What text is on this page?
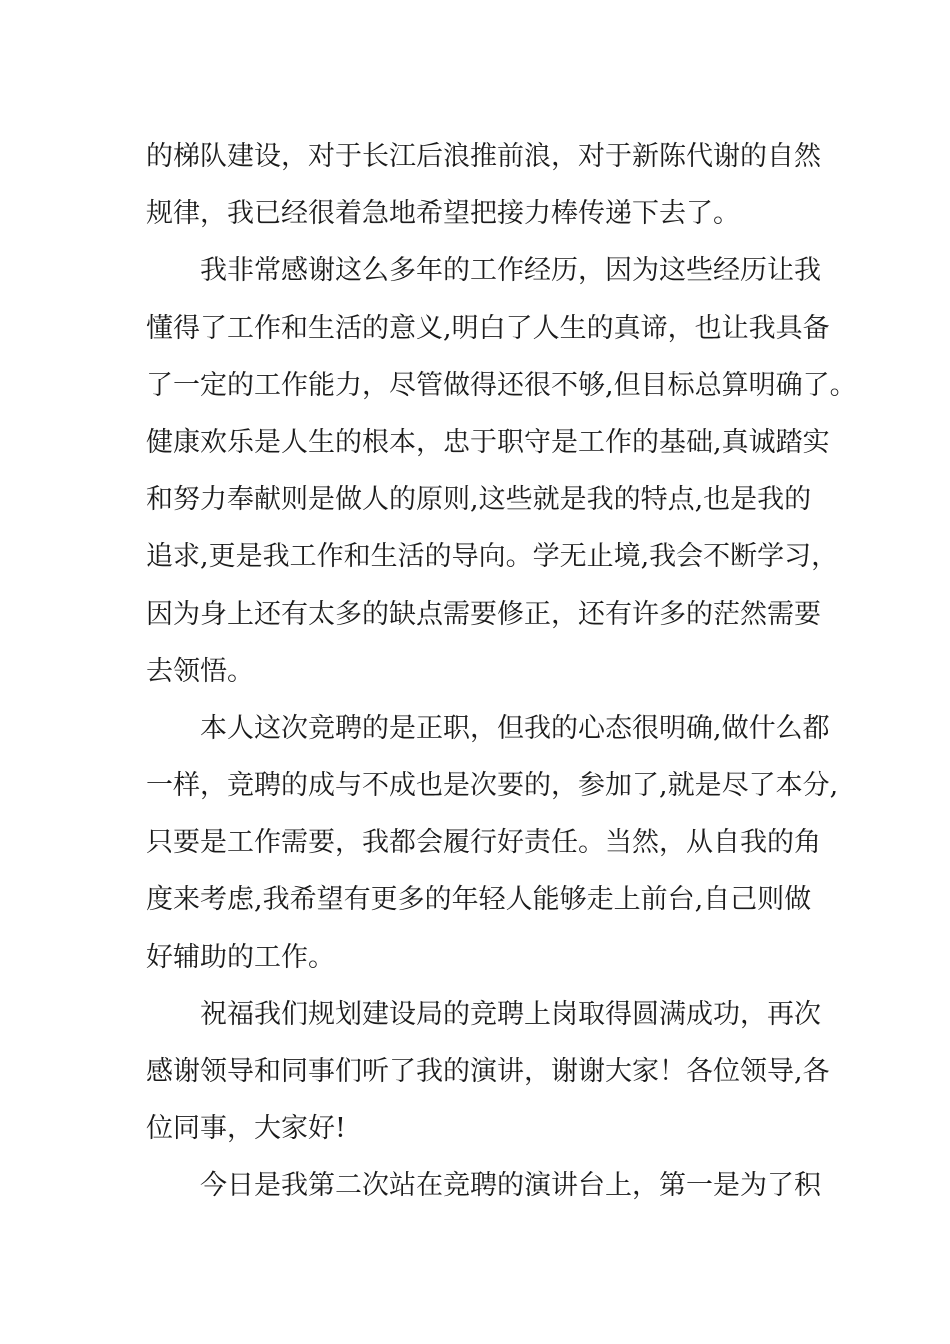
的梯队建设，对于长江后浪推前浪，对于新陈代谢的自然
规律，我已经很着急地希望把接力棒传递下去了。
我非常感谢这么多年的工作经历，因为这些经历让我
懂得了工作和生活的意义,明白了人生的真谛，也让我具备
了一定的工作能力，尽管做得还很不够,但目标总算明确了。
健康欢乐是人生的根本，忠于职守是工作的基础,真诚踏实
和努力奉献则是做人的原则,这些就是我的特点,也是我的
追求,更是我工作和生活的导向。学无止境,我会不断学习，
因为身上还有太多的缺点需要修正，还有许多的茫然需要
去领悟。
本人这次竞聘的是正职，但我的心态很明确,做什么都
一样，竞聘的成与不成也是次要的，参加了,就是尽了本分,
只要是工作需要，我都会履行好责任。当然，从自我的角
度来考虑,我希望有更多的年轻人能够走上前台,自己则做
好辅助的工作。
祝福我们规划建设局的竞聘上岗取得圆满成功，再次
感谢领导和同事们听了我的演讲，谢谢大家！各位领导,各
位同事，大家好!
今日是我第二次站在竞聘的演讲台上，第一是为了积
